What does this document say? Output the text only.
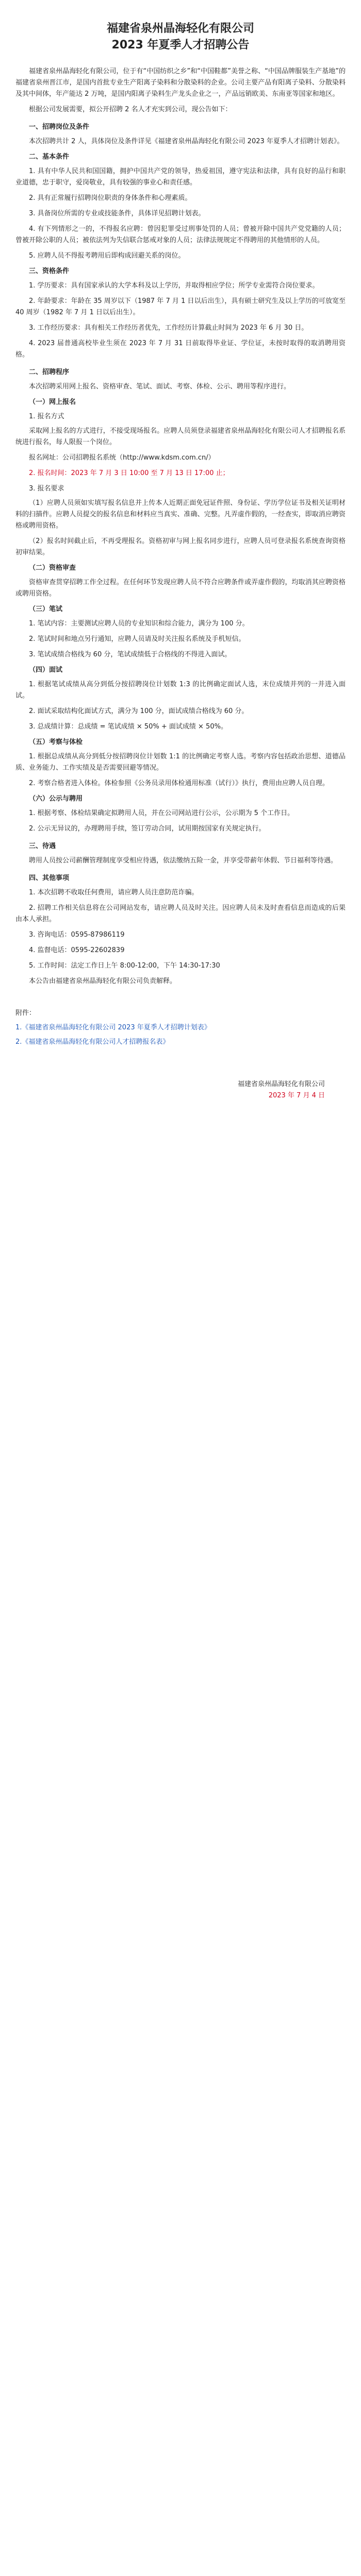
福建省泉州晶海轻化有限公司
2023 年夏季人才招聘公告

福建省泉州晶海轻化有限公司，位于有“中国纺织之乡”和“中国鞋都”美誉之称、“中国品牌服装生产基地”的福建省泉州晋江市，是国内首批专业生产阳离子染料和分散染料的企业。公司主要产品有阳离子染料、分散染料及其中间体，年产能达 2 万吨，是国内阳离子染料生产龙头企业之一，产品远销欧美、东南亚等国家和地区。

根据公司发展需要，拟公开招聘 2 名人才充实到公司，现公告如下：

一、招聘岗位及条件

本次招聘共计 2 人，具体岗位及条件详见《福建省泉州晶海轻化有限公司 2023 年夏季人才招聘计划表》。

二、基本条件

1. 具有中华人民共和国国籍，拥护中国共产党的领导，热爱祖国，遵守宪法和法律，具有良好的品行和职业道德，忠于职守，爱岗敬业，具有较强的事业心和责任感。

2. 具有正常履行招聘岗位职责的身体条件和心理素质。

3. 具备岗位所需的专业或技能条件，具体详见招聘计划表。

4. 有下列情形之一的，不得报名应聘：曾因犯罪受过刑事处罚的人员；曾被开除中国共产党党籍的人员；曾被开除公职的人员；被依法列为失信联合惩戒对象的人员；法律法规规定不得聘用的其他情形的人员。

5. 应聘人员不得报考聘用后即构成回避关系的岗位。

三、资格条件

1. 学历要求：具有国家承认的大学本科及以上学历，并取得相应学位；所学专业需符合岗位要求。

2. 年龄要求：年龄在 35 周岁以下（1987 年 7 月 1 日以后出生），具有硕士研究生及以上学历的可放宽至 40 周岁（1982 年 7 月 1 日以后出生）。

3. 工作经历要求：具有相关工作经历者优先，工作经历计算截止时间为 2023 年 6 月 30 日。

4. 2023 届普通高校毕业生须在 2023 年 7 月 31 日前取得毕业证、学位证，未按时取得的取消聘用资格。

二、招聘程序

本次招聘采用网上报名、资格审查、笔试、面试、考察、体检、公示、聘用等程序进行。

（一）网上报名
1. 报名方式

采取网上报名的方式进行，不接受现场报名。应聘人员须登录福建省泉州晶海轻化有限公司人才招聘报名系统进行报名，每人限报一个岗位。

报名网址：公司招聘报名系统（http://www.kdsm.com.cn/）

2. 报名时间：2023 年 7 月 3 日 10:00 至 7 月 13 日 17:00 止；

3. 报名要求

（1）应聘人员须如实填写报名信息并上传本人近期正面免冠证件照、身份证、学历学位证书及相关证明材料的扫描件。应聘人员提交的报名信息和材料应当真实、准确、完整。凡弄虚作假的，一经查实，即取消应聘资格或聘用资格。

（2）报名时间截止后，不再受理报名。资格初审与网上报名同步进行，应聘人员可登录报名系统查询资格初审结果。

（二）资格审查

资格审查贯穿招聘工作全过程。在任何环节发现应聘人员不符合应聘条件或弄虚作假的，均取消其应聘资格或聘用资格。

（三）笔试

1. 笔试内容：主要测试应聘人员的专业知识和综合能力，满分为 100 分。

2. 笔试时间和地点另行通知，应聘人员请及时关注报名系统及手机短信。

3. 笔试成绩合格线为 60 分，笔试成绩低于合格线的不得进入面试。

（四）面试

1. 根据笔试成绩从高分到低分按招聘岗位计划数 1:3 的比例确定面试人选，末位成绩并列的一并进入面试。

2. 面试采取结构化面试方式，满分为 100 分，面试成绩合格线为 60 分。

3. 总成绩计算：总成绩 = 笔试成绩 × 50% + 面试成绩 × 50%。

（五）考察与体检

1. 根据总成绩从高分到低分按招聘岗位计划数 1:1 的比例确定考察人选。考察内容包括政治思想、道德品质、业务能力、工作实绩及是否需要回避等情况。

2. 考察合格者进入体检。体检参照《公务员录用体检通用标准（试行）》执行，费用由应聘人员自理。

（六）公示与聘用

1. 根据考察、体检结果确定拟聘用人员，并在公司网站进行公示，公示期为 5 个工作日。

2. 公示无异议的，办理聘用手续，签订劳动合同，试用期按国家有关规定执行。

三、待遇

聘用人员按公司薪酬管理制度享受相应待遇，依法缴纳五险一金，并享受带薪年休假、节日福利等待遇。

四、其他事项

1. 本次招聘不收取任何费用，请应聘人员注意防范诈骗。

2. 招聘工作相关信息将在公司网站发布，请应聘人员及时关注。因应聘人员未及时查看信息而造成的后果由本人承担。

3. 咨询电话：0595-87986119

4. 监督电话：0595-22602839

5. 工作时间：法定工作日上午 8:00-12:00，下午 14:30-17:30

本公告由福建省泉州晶海轻化有限公司负责解释。

附件：

1.《福建省泉州晶海轻化有限公司 2023 年夏季人才招聘计划表》

2.《福建省泉州晶海轻化有限公司人才招聘报名表》

福建省泉州晶海轻化有限公司
2023 年 7 月 4 日
